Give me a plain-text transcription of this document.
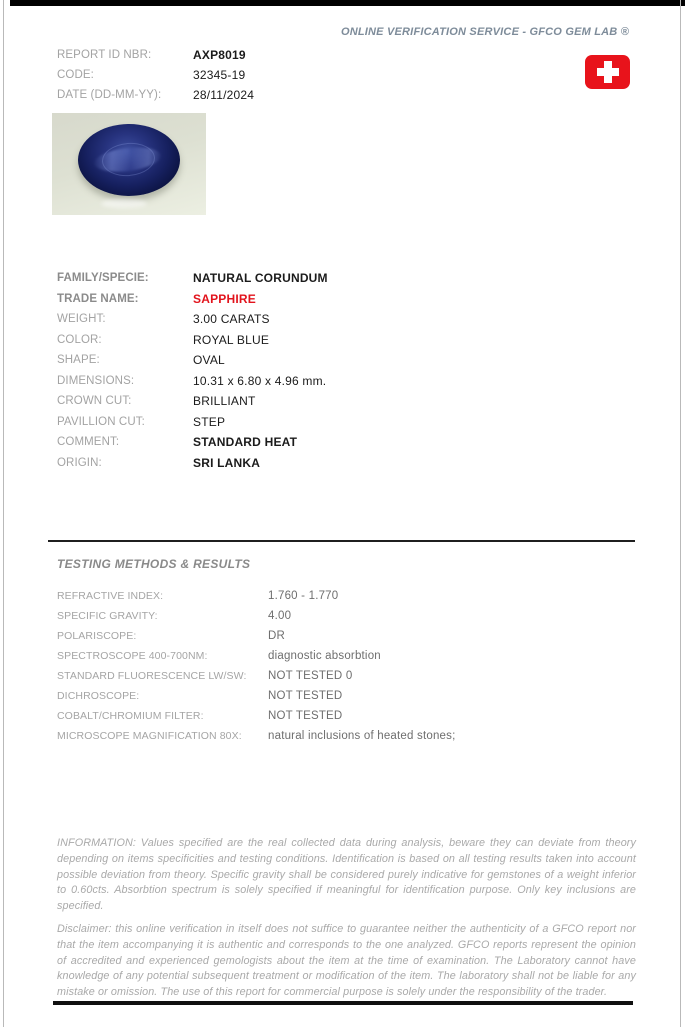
ONLINE VERIFICATION SERVICE - GFCO GEM LAB ®
REPORT ID NBR:	AXP8019
CODE:	32345-19
DATE (DD-MM-YY):	28/11/2024
FAMILY/SPECIE:	NATURAL CORUNDUM
TRADE NAME:	SAPPHIRE
WEIGHT:	3.00 CARATS
COLOR:	ROYAL BLUE
SHAPE:	OVAL
DIMENSIONS:	10.31 x 6.80 x 4.96 mm.
CROWN CUT:	BRILLIANT
PAVILLION CUT:	STEP
COMMENT:	STANDARD HEAT
ORIGIN:	SRI LANKA
TESTING METHODS & RESULTS
REFRACTIVE INDEX:	1.760 - 1.770
SPECIFIC GRAVITY:	4.00
POLARISCOPE:	DR
SPECTROSCOPE 400-700NM:	diagnostic absorbtion
STANDARD FLUORESCENCE LW/SW:	NOT TESTED 0
DICHROSCOPE:	NOT TESTED
COBALT/CHROMIUM FILTER:	NOT TESTED
MICROSCOPE MAGNIFICATION 80X:	natural inclusions of heated stones;

INFORMATION: Values specified are the real collected data during analysis, beware they can deviate from theory depending on items specificities and testing conditions. Identification is based on all testing results taken into account possible deviation from theory. Specific gravity shall be considered purely indicative for gemstones of a weight inferior to 0.60cts. Absorbtion spectrum is solely specified if meaningful for identification purpose. Only key inclusions are specified.

Disclaimer: this online verification in itself does not suffice to guarantee neither the authenticity of a GFCO report nor that the item accompanying it is authentic and corresponds to the one analyzed. GFCO reports represent the opinion of accredited and experienced gemologists about the item at the time of examination. The Laboratory cannot have knowledge of any potential subsequent treatment or modification of the item. The laboratory shall not be liable for any mistake or omission. The use of this report for commercial purpose is solely under the responsibility of the trader.
